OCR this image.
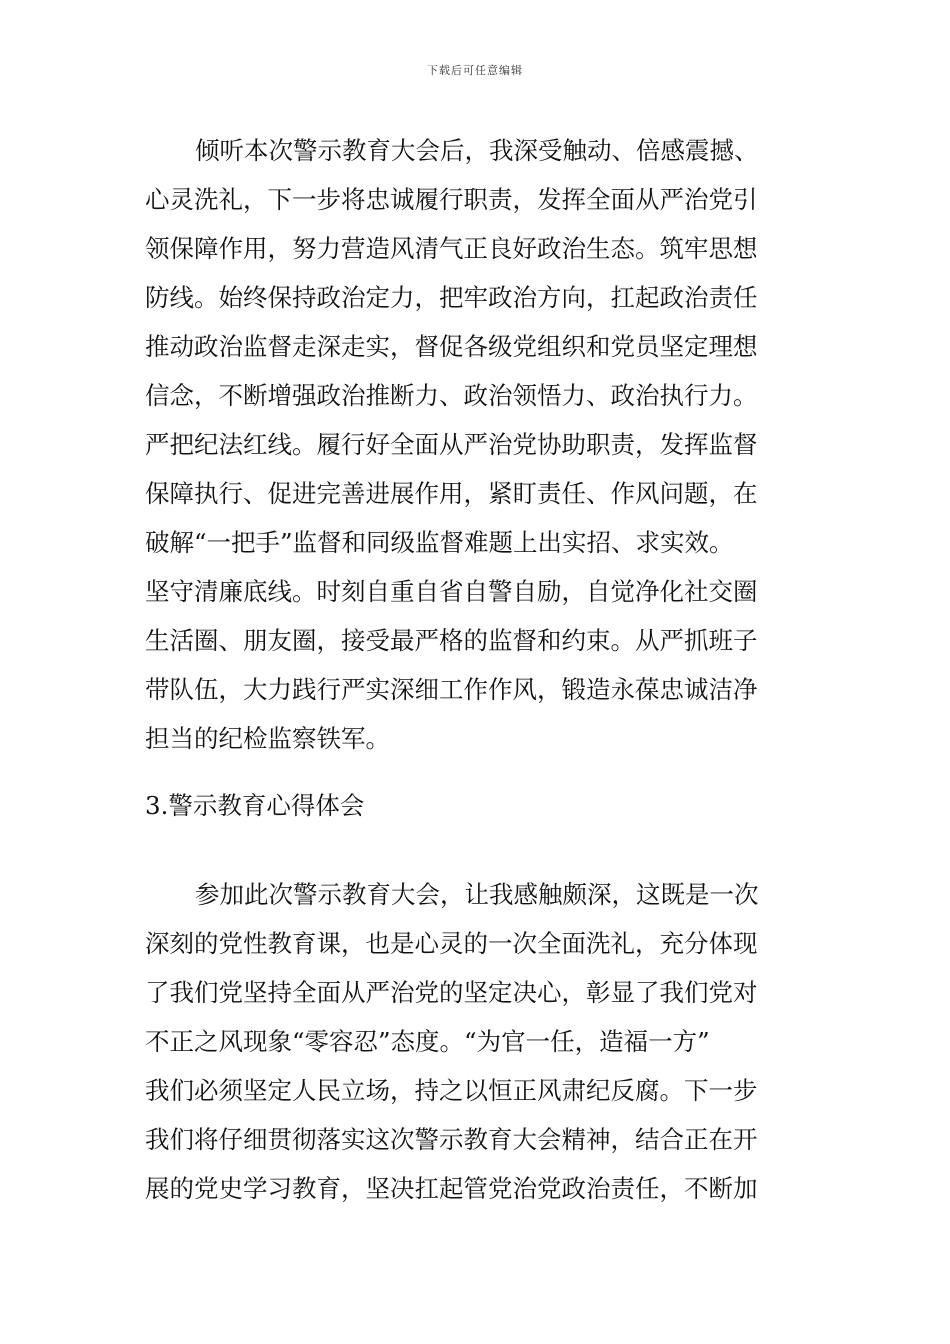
下载后可任意编辑
倾听本次警示教育大会后，我深受触动、倍感震撼、
心灵洗礼，下一步将忠诚履行职责，发挥全面从严治党引
领保障作用，努力营造风清气正良好政治生态。筑牢思想
防线。始终保持政治定力，把牢政治方向，扛起政治责任
推动政治监督走深走实，督促各级党组织和党员坚定理想
信念，不断增强政治推断力、政治领悟力、政治执行力。
严把纪法红线。履行好全面从严治党协助职责，发挥监督
保障执行、促进完善进展作用，紧盯责任、作风问题，在
破解“一把手”监督和同级监督难题上出实招、求实效。
坚守清廉底线。时刻自重自省自警自励，自觉净化社交圈
生活圈、朋友圈，接受最严格的监督和约束。从严抓班子
带队伍，大力践行严实深细工作作风，锻造永葆忠诚洁净
担当的纪检监察铁军。
3.警示教育心得体会
参加此次警示教育大会，让我感触颇深，这既是一次
深刻的党性教育课，也是心灵的一次全面洗礼，充分体现
了我们党坚持全面从严治党的坚定决心，彰显了我们党对
不正之风现象“零容忍”态度。“为官一任，造福一方”
我们必须坚定人民立场，持之以恒正风肃纪反腐。下一步
我们将仔细贯彻落实这次警示教育大会精神，结合正在开
展的党史学习教育，坚决扛起管党治党政治责任，不断加
